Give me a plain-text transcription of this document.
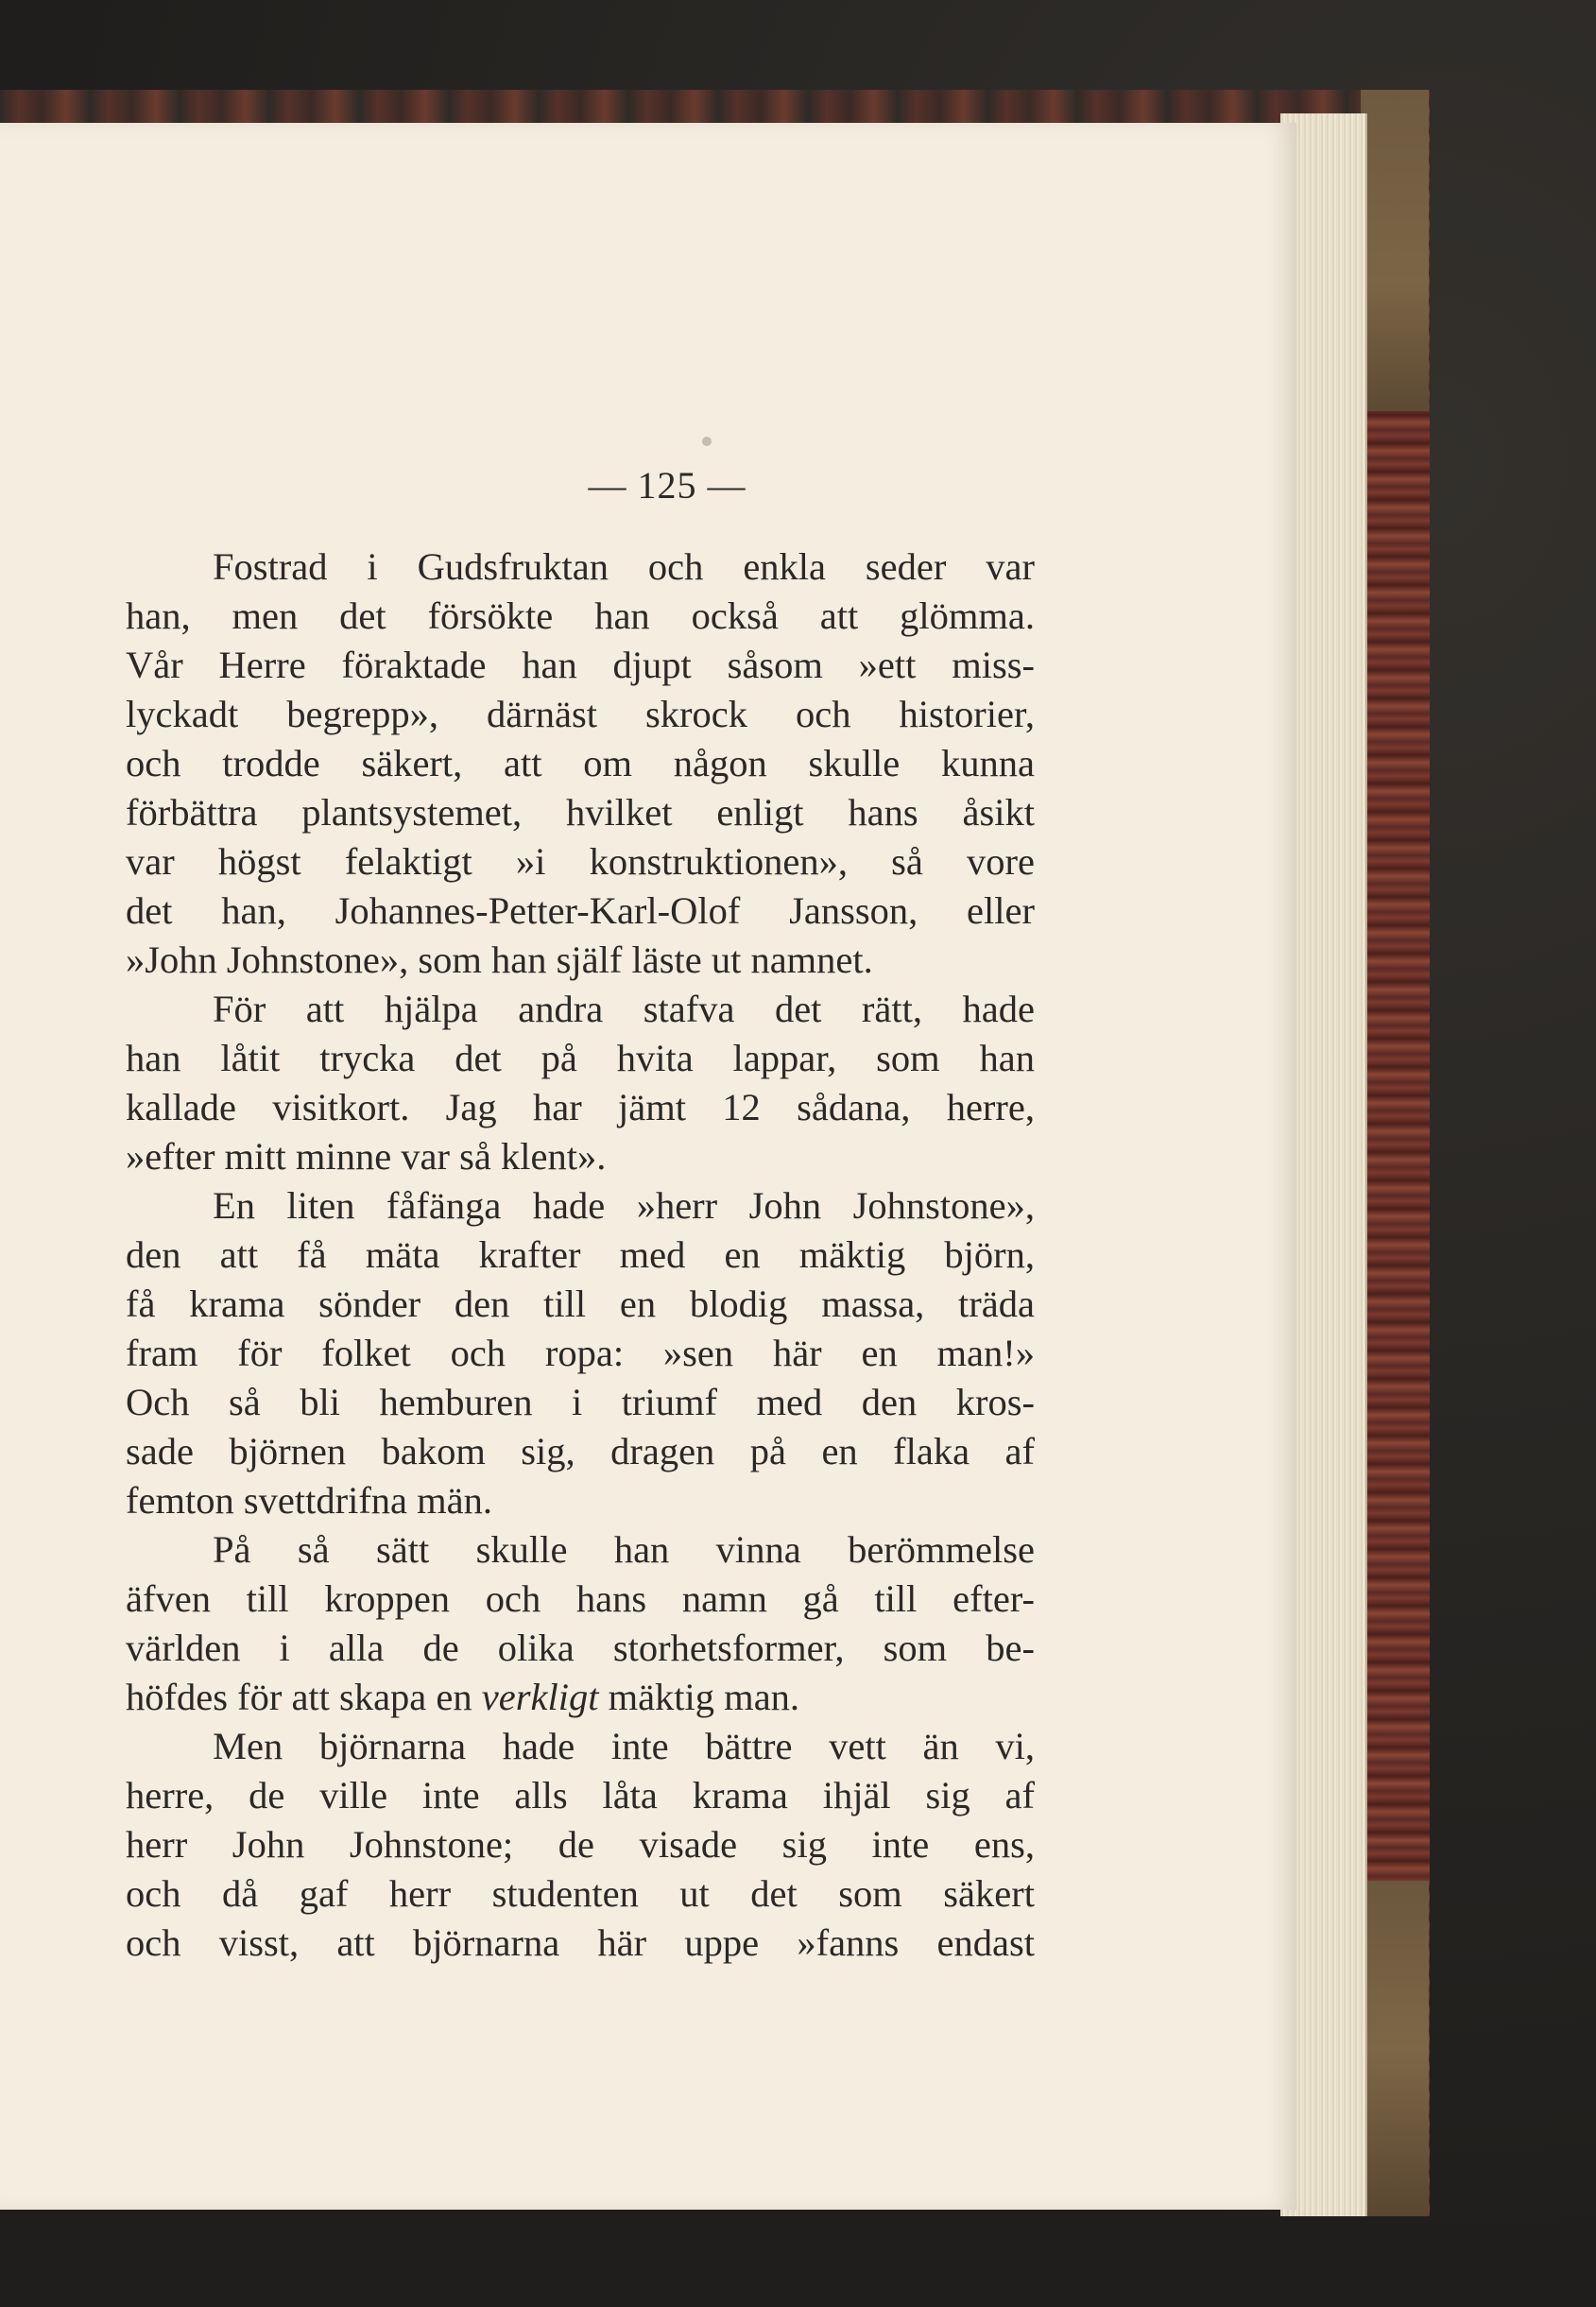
— 125 —
Fostrad i Gudsfruktan och enkla seder var
han, men det försökte han också att glömma.
Vår Herre föraktade han djupt såsom »ett miss-
lyckadt begrepp», därnäst skrock och historier,
och trodde säkert, att om någon skulle kunna
förbättra plantsystemet, hvilket enligt hans åsikt
var högst felaktigt »i konstruktionen», så vore
det han, Johannes-Petter-Karl-Olof Jansson, eller
»John Johnstone», som han själf läste ut namnet.
För att hjälpa andra stafva det rätt, hade
han låtit trycka det på hvita lappar, som han
kallade visitkort. Jag har jämt 12 sådana, herre,
»efter mitt minne var så klent».
En liten fåfänga hade »herr John Johnstone»,
den att få mäta krafter med en mäktig björn,
få krama sönder den till en blodig massa, träda
fram för folket och ropa: »sen här en man!»
Och så bli hemburen i triumf med den kros-
sade björnen bakom sig, dragen på en flaka af
femton svettdrifna män.
På så sätt skulle han vinna berömmelse
äfven till kroppen och hans namn gå till efter-
världen i alla de olika storhetsformer, som be-
höfdes för att skapa en verkligt mäktig man.
Men björnarna hade inte bättre vett än vi,
herre, de ville inte alls låta krama ihjäl sig af
herr John Johnstone; de visade sig inte ens,
och då gaf herr studenten ut det som säkert
och visst, att björnarna här uppe »fanns endast
